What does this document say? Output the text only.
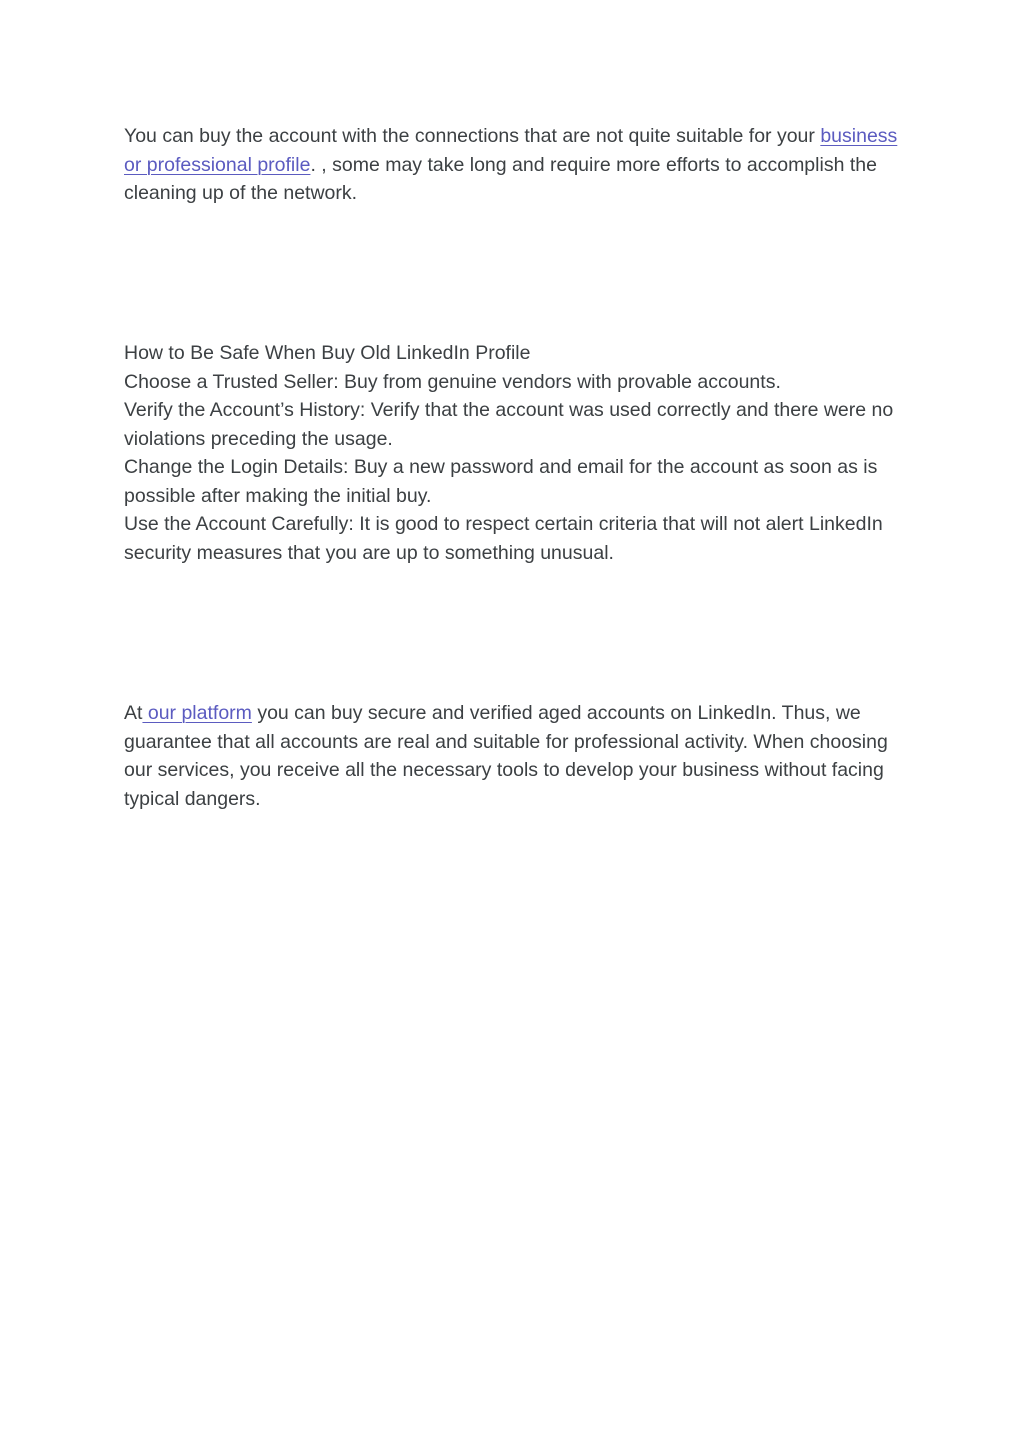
You can buy the account with the connections that are not quite suitable for your business or professional profile. , some may take long and require more efforts to accomplish the cleaning up of the network.

How to Be Safe When Buy Old LinkedIn Profile

Choose a Trusted Seller: Buy from genuine vendors with provable accounts.

Verify the Account’s History: Verify that the account was used correctly and there were no violations preceding the usage.

Change the Login Details: Buy a new password and email for the account as soon as is possible after making the initial buy.

Use the Account Carefully: It is good to respect certain criteria that will not alert LinkedIn security measures that you are up to something unusual.

At our platform you can buy secure and verified aged accounts on LinkedIn. Thus, we guarantee that all accounts are real and suitable for professional activity. When choosing our services, you receive all the necessary tools to develop your business without facing typical dangers.
